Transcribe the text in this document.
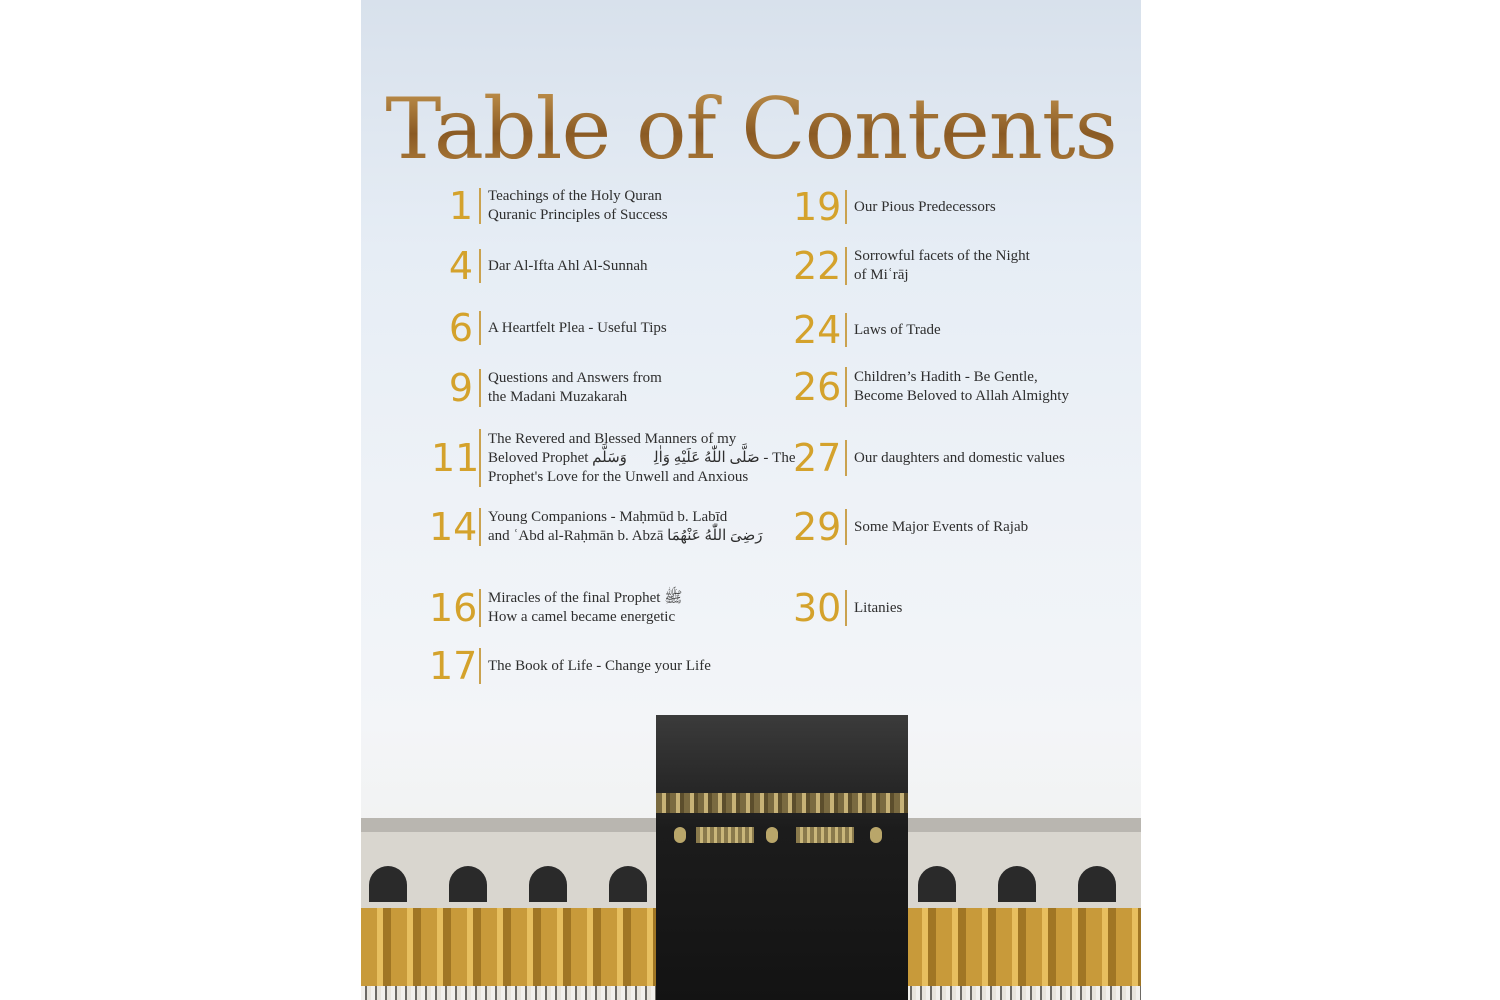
Table of Contents
1 Teachings of the Holy Quran
Quranic Principles of Success
4 Dar Al-Ifta Ahl Al-Sunnah
6 A Heartfelt Plea - Useful Tips
9 Questions and Answers from
the Madani Muzakarah
11 The Revered and Blessed Manners of my
Beloved Prophet صَلَّى اللّٰهُ عَلَيْهِ وَاٰلِهٖ وَسَلَّم - The
Prophet's Love for the Unwell and Anxious
14 Young Companions - Maḥmūd b. Labīd
and ʿAbd al-Raḥmān b. Abzā رَضِیَ اللّٰهُ عَنْهُمَا
16 Miracles of the final Prophet ﷺ
How a camel became energetic
17 The Book of Life - Change your Life
19 Our Pious Predecessors
22 Sorrowful facets of the Night
of Miʿrāj
24 Laws of Trade
26 Children’s Hadith - Be Gentle,
Become Beloved to Allah Almighty
27 Our daughters and domestic values
29 Some Major Events of Rajab
30 Litanies
